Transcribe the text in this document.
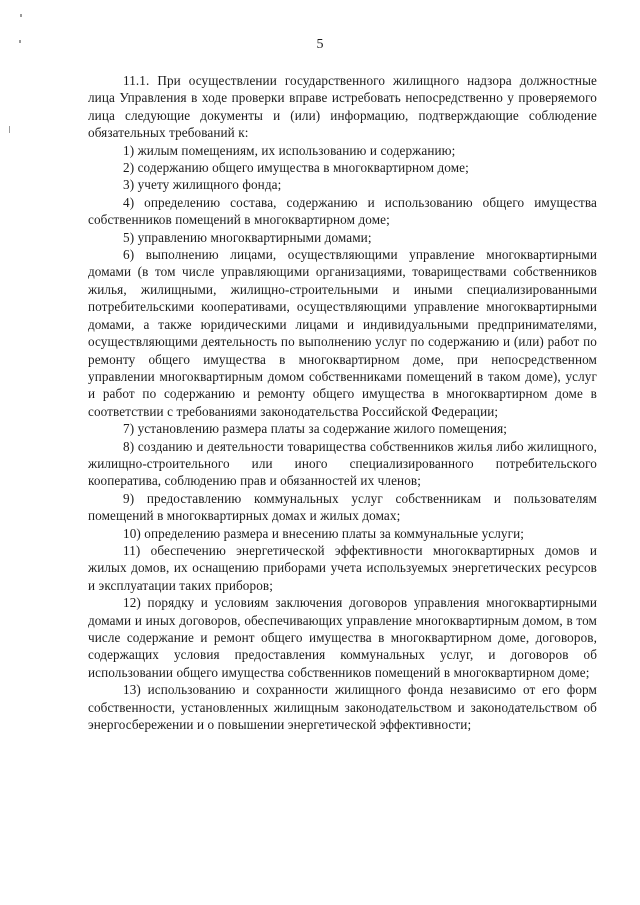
5

11.1. При осуществлении государственного жилищного надзора должностные лица Управления в ходе проверки вправе истребовать непосредственно у проверяемого лица следующие документы и (или) информацию, подтверждающие соблюдение обязательных требований к:

1) жилым помещениям, их использованию и содержанию;

2) содержанию общего имущества в многоквартирном доме;

3) учету жилищного фонда;

4) определению состава, содержанию и использованию общего имущества собственников помещений в многоквартирном доме;

5) управлению многоквартирными домами;

6) выполнению лицами, осуществляющими управление многоквартирными домами (в том числе управляющими организациями, товариществами собственников жилья, жилищными, жилищно-строительными и иными специализированными потребительскими кооперативами, осуществляющими управление многоквартирными домами, а также юридическими лицами и индивидуальными предпринимателями, осуществляющими деятельность по выполнению услуг по содержанию и (или) работ по ремонту общего имущества в многоквартирном доме, при непосредственном управлении многоквартирным домом собственниками помещений в таком доме), услуг и работ по содержанию и ремонту общего имущества в многоквартирном доме в соответствии с требованиями законодательства Российской Федерации;

7) установлению размера платы за содержание жилого помещения;

8) созданию и деятельности товарищества собственников жилья либо жилищного, жилищно-строительного или иного специализированного потребительского кооператива, соблюдению прав и обязанностей их членов;

9) предоставлению коммунальных услуг собственникам и пользователям помещений в многоквартирных домах и жилых домах;

10) определению размера и внесению платы за коммунальные услуги;

11) обеспечению энергетической эффективности многоквартирных домов и жилых домов, их оснащению приборами учета используемых энергетических ресурсов и эксплуатации таких приборов;

12) порядку и условиям заключения договоров управления многоквартирными домами и иных договоров, обеспечивающих управление многоквартирным домом, в том числе содержание и ремонт общего имущества в многоквартирном доме, договоров, содержащих условия предоставления коммунальных услуг, и договоров об использовании общего имущества собственников помещений в многоквартирном доме;

13) использованию и сохранности жилищного фонда независимо от его форм собственности, установленных жилищным законодательством и законодательством об энергосбережении и о повышении энергетической эффективности;
